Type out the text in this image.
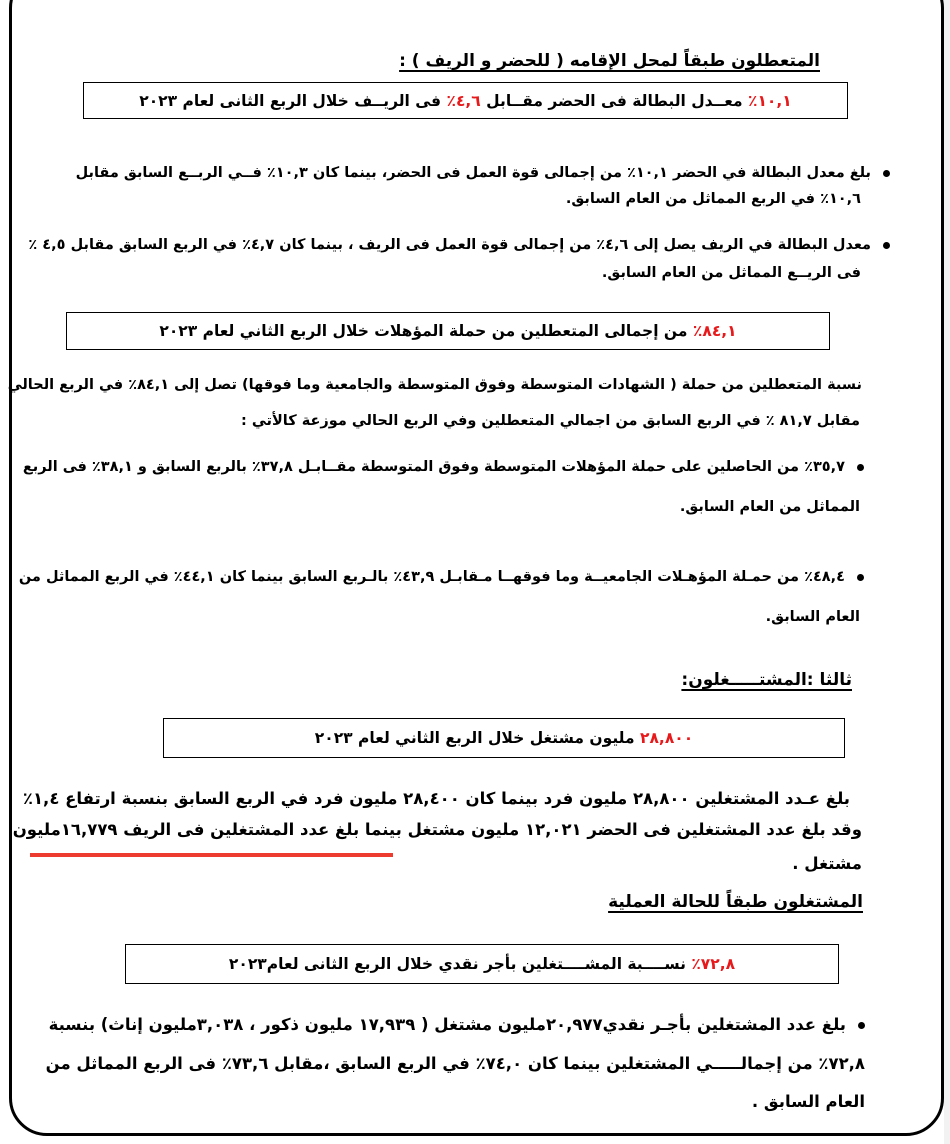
المتعطلون طبقاً لمحل الإقامه ( للحضر و الريف ) :
١٠,١٪

معــدل البطالة فى الحضر مقــابل

٤,٦٪

فى الريــف خلال الربع الثانى لعام ٢٠٢٣
بلغ معدل البطالة في الحضر ١٠,١٪ من إجمالى قوة العمل فى الحضر، بينما كان ١٠,٣٪ فــي الربــع السابق مقابل
١٠,٦٪ في الربع المماثل من العام السابق.
معدل البطالة في الريف يصل إلى ٤,٦٪ من إجمالى قوة العمل فى الريف ، بينما كان ٤,٧٪ في الربع السابق مقابل ٤,٥ ٪
فى الريــع المماثل من العام السابق.
٨٤,١٪

من إجمالى المتعطلين من حملة المؤهلات خلال الربع الثاني لعام ٢٠٢٣
نسبة المتعطلين من حملة ( الشهادات المتوسطة وفوق المتوسطة والجامعية وما فوقها) تصل إلى ٨٤,١٪ في الربع الحالي
مقابل ٨١,٧ ٪ في الربع السابق من اجمالي المتعطلين وفي الربع الحالي موزعة كالأتي :
٣٥,٧٪ من الحاصلين على حملة المؤهلات المتوسطة وفوق المتوسطة مقــابـل ٣٧,٨٪ بالربع السابق و ٣٨,١٪ فى الربع
المماثل من العام السابق.
٤٨,٤٪ من حمـلة المؤهـلات الجامعيــة وما فوقهــا مـقابـل ٤٣,٩٪ بالـربع السابق بينما كان ٤٤,١٪ في الربع المماثل من
العام السابق.
ثالثا :المشتـــــغلون:
٢٨,٨٠٠

مليون مشتغل خلال الربع الثاني لعام ٢٠٢٣
بلغ عـدد المشتغلين ٢٨,٨٠٠ مليون فرد بينما كان ٢٨,٤٠٠ مليون فرد في الربع السابق بنسبة ارتفاع ١,٤٪
وقد بلغ عدد المشتغلين فى الحضر ١٢,٠٢١ مليون مشتغل بينما بلغ عدد المشتغلين فى الريف ١٦,٧٧٩مليون
مشتغل .
المشتغلون طبقاً للحالة العملية
٧٢,٨٪

نســــبة المشــــتغلين بأجر نقدي خلال الربع الثانى لعام٢٠٢٣
بلغ عدد المشتغلين بأجـر نقدي٢٠,٩٧٧مليون مشتغل ( ١٧,٩٣٩ مليون ذكور ، ٣,٠٣٨مليون إناث) بنسبة
٧٢,٨٪ من إجمالـــــي المشتغلين بينما كان ٧٤,٠٪ في الربع السابق ،مقابل ٧٣,٦٪ فى الربع المماثل من
العام السابق .
